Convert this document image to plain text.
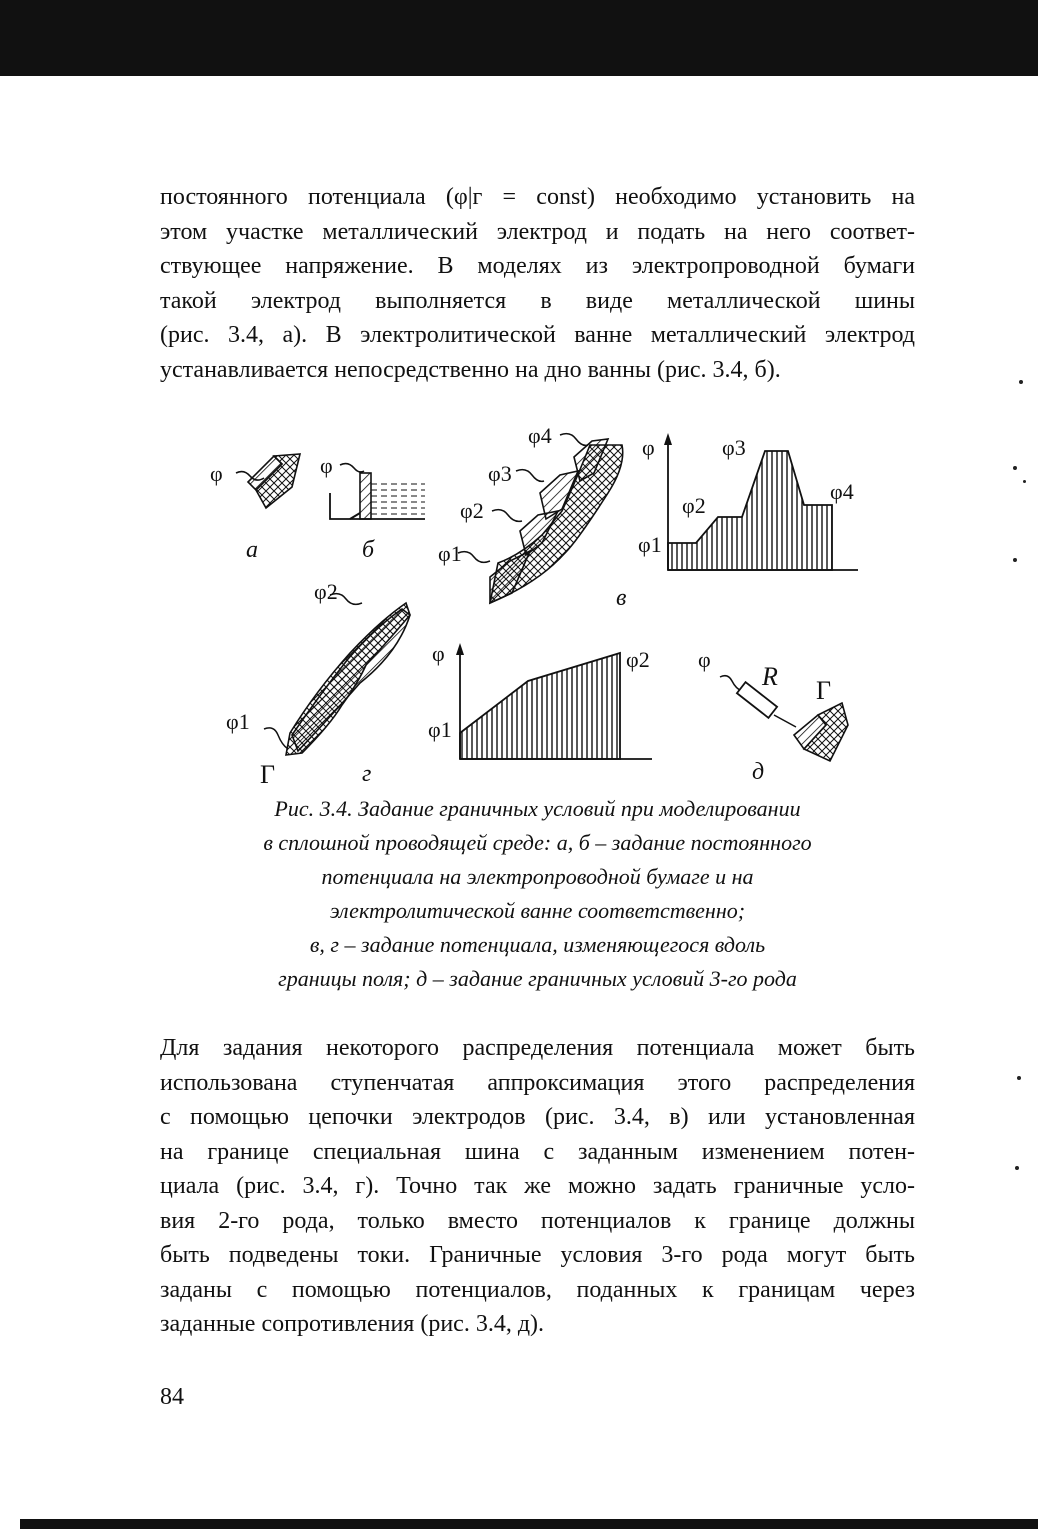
постоянного потенциала (φ|г = const) необходимо установить на
этом участке металлический электрод и подать на него соответ-
ствующее напряжение. В моделях из электропроводной бумаги
такой электрод выполняется в виде металлической шины
(рис. 3.4, а). В электролитической ванне металлический электрод
устанавливается непосредственно на дно ванны (рис. 3.4, б).
φ
а
φ
б	φ1
φ2
φ3
φ4
в
φ
φ1
φ2
φ3
φ4
φ2
φ1
Г	г
φ
φ1
φ2 φ
R Г
д
Рис. 3.4. Задание граничных условий при моделировании
в сплошной проводящей среде: а, б – задание постоянного
потенциала на электропроводной бумаге и на
электролитической ванне соответственно;
в, г – задание потенциала, изменяющегося вдоль
границы поля; д – задание граничных условий 3-го рода
Для задания некоторого распределения потенциала может быть
использована ступенчатая аппроксимация этого распределения
с помощью цепочки электродов (рис. 3.4, в) или установленная
на границе специальная шина с заданным изменением потен-
циала (рис. 3.4, г). Точно так же можно задать граничные усло-
вия 2-го рода, только вместо потенциалов к границе должны
быть подведены токи. Граничные условия 3-го рода могут быть
заданы с помощью потенциалов, поданных к границам через
заданные сопротивления (рис. 3.4, д).
84
